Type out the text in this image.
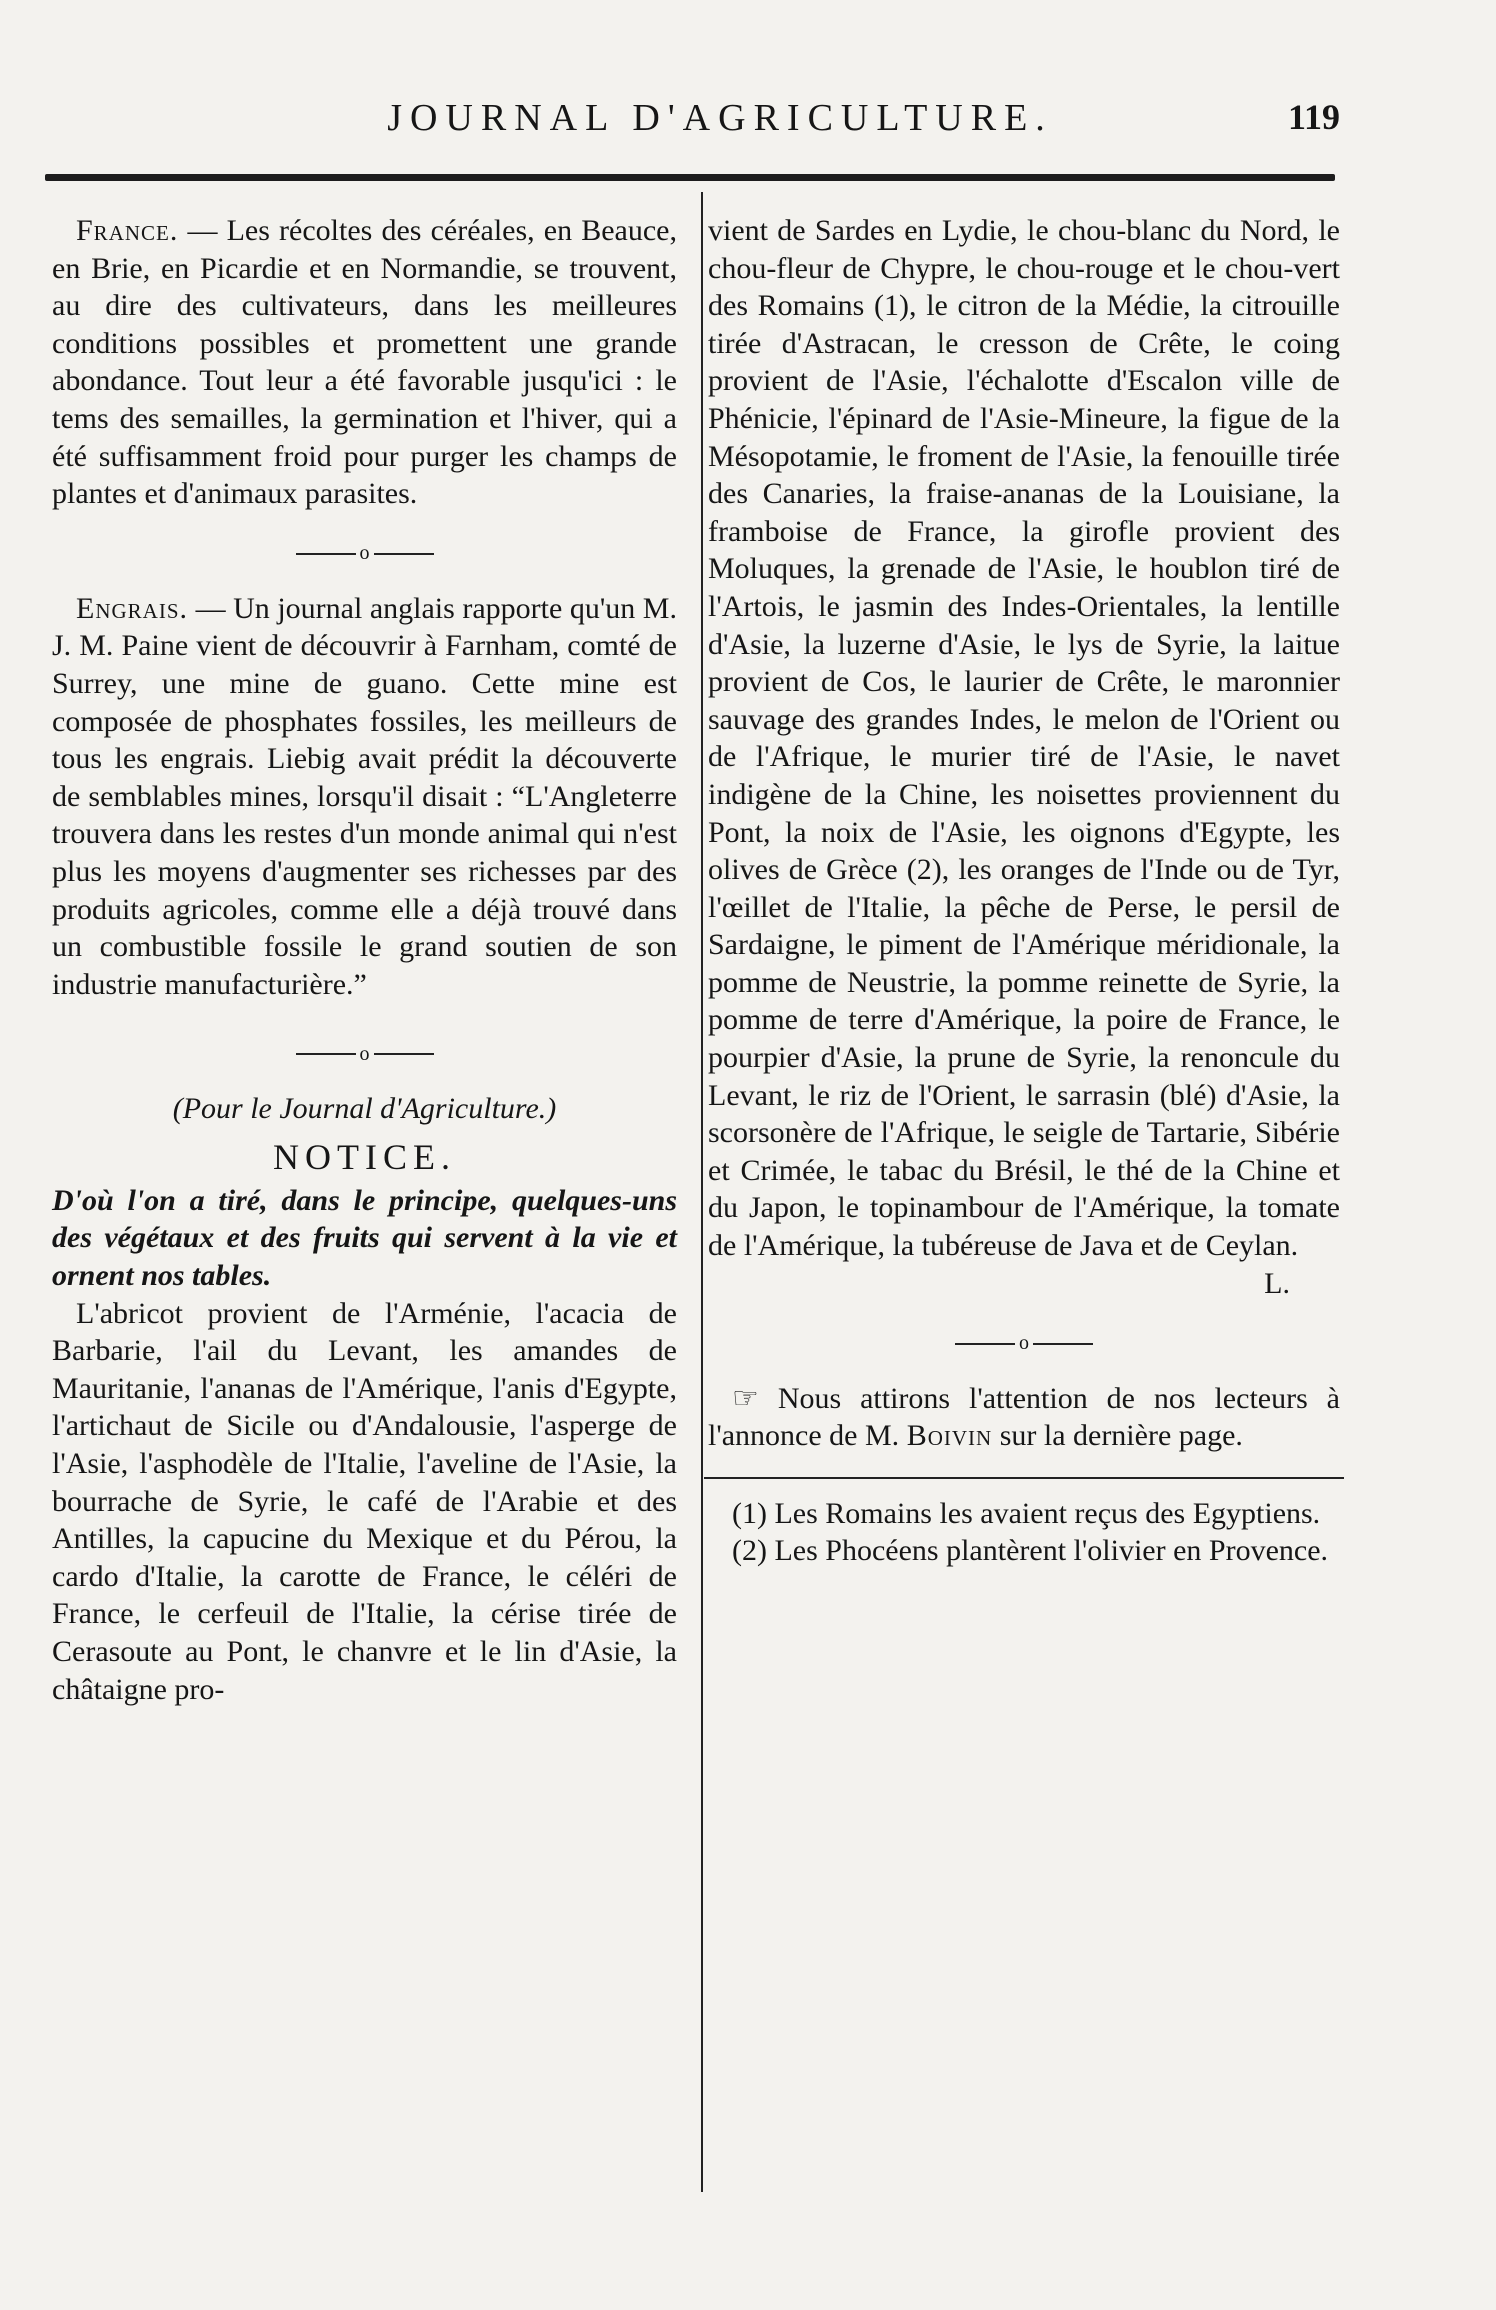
JOURNAL D'AGRICULTURE.	119

France. — Les récoltes des céréales, en Beauce, en Brie, en Picardie et en Normandie, se trouvent, au dire des cultivateurs, dans les meilleures conditions possibles et promettent une grande abondance. Tout leur a été favorable jusqu'ici : le tems des semailles, la germination et l'hiver, qui a été suffisamment froid pour purger les champs de plantes et d'animaux parasites.

o

Engrais. — Un journal anglais rapporte qu'un M. J. M. Paine vient de découvrir à Farnham, comté de Surrey, une mine de guano. Cette mine est composée de phosphates fossiles, les meilleurs de tous les engrais. Liebig avait prédit la découverte de semblables mines, lorsqu'il disait : “L'Angleterre trouvera dans les restes d'un monde animal qui n'est plus les moyens d'augmenter ses richesses par des produits agricoles, comme elle a déjà trouvé dans un combustible fossile le grand soutien de son industrie manufacturière.”

o

(Pour le Journal d'Agriculture.)

NOTICE.

D'où l'on a tiré, dans le principe, quelques-uns des végétaux et des fruits qui servent à la vie et ornent nos tables.

L'abricot provient de l'Arménie, l'acacia de Barbarie, l'ail du Levant, les amandes de Mauritanie, l'ananas de l'Amérique, l'anis d'Egypte, l'artichaut de Sicile ou d'Andalousie, l'asperge de l'Asie, l'asphodèle de l'Italie, l'aveline de l'Asie, la bourrache de Syrie, le café de l'Arabie et des Antilles, la capucine du Mexique et du Pérou, la cardo d'Italie, la carotte de France, le céléri de France, le cerfeuil de l'Italie, la cérise tirée de Cerasoute au Pont, le chanvre et le lin d'Asie, la châtaigne pro-

vient de Sardes en Lydie, le chou-blanc du Nord, le chou-fleur de Chypre, le chou-rouge et le chou-vert des Romains (1), le citron de la Médie, la citrouille tirée d'Astracan, le cresson de Crête, le coing provient de l'Asie, l'échalotte d'Escalon ville de Phénicie, l'épinard de l'Asie-Mineure, la figue de la Mésopotamie, le froment de l'Asie, la fenouille tirée des Canaries, la fraise-ananas de la Louisiane, la framboise de France, la girofle provient des Moluques, la grenade de l'Asie, le houblon tiré de l'Artois, le jasmin des Indes-Orientales, la lentille d'Asie, la luzerne d'Asie, le lys de Syrie, la laitue provient de Cos, le laurier de Crête, le maronnier sauvage des grandes Indes, le melon de l'Orient ou de l'Afrique, le murier tiré de l'Asie, le navet indigène de la Chine, les noisettes proviennent du Pont, la noix de l'Asie, les oignons d'Egypte, les olives de Grèce (2), les oranges de l'Inde ou de Tyr, l'œillet de l'Italie, la pêche de Perse, le persil de Sardaigne, le piment de l'Amérique méridionale, la pomme de Neustrie, la pomme reinette de Syrie, la pomme de terre d'Amérique, la poire de France, le pourpier d'Asie, la prune de Syrie, la renoncule du Levant, le riz de l'Orient, le sarrasin (blé) d'Asie, la scorsonère de l'Afrique, le seigle de Tartarie, Sibérie et Crimée, le tabac du Brésil, le thé de la Chine et du Japon, le topinambour de l'Amérique, la tomate de l'Amérique, la tubéreuse de Java et de Ceylan.

L.
o

☞ Nous attirons l'attention de nos lecteurs à l'annonce de M. Boivin sur la dernière page.

(1) Les Romains les avaient reçus des Egyptiens.

(2) Les Phocéens plantèrent l'olivier en Provence.
